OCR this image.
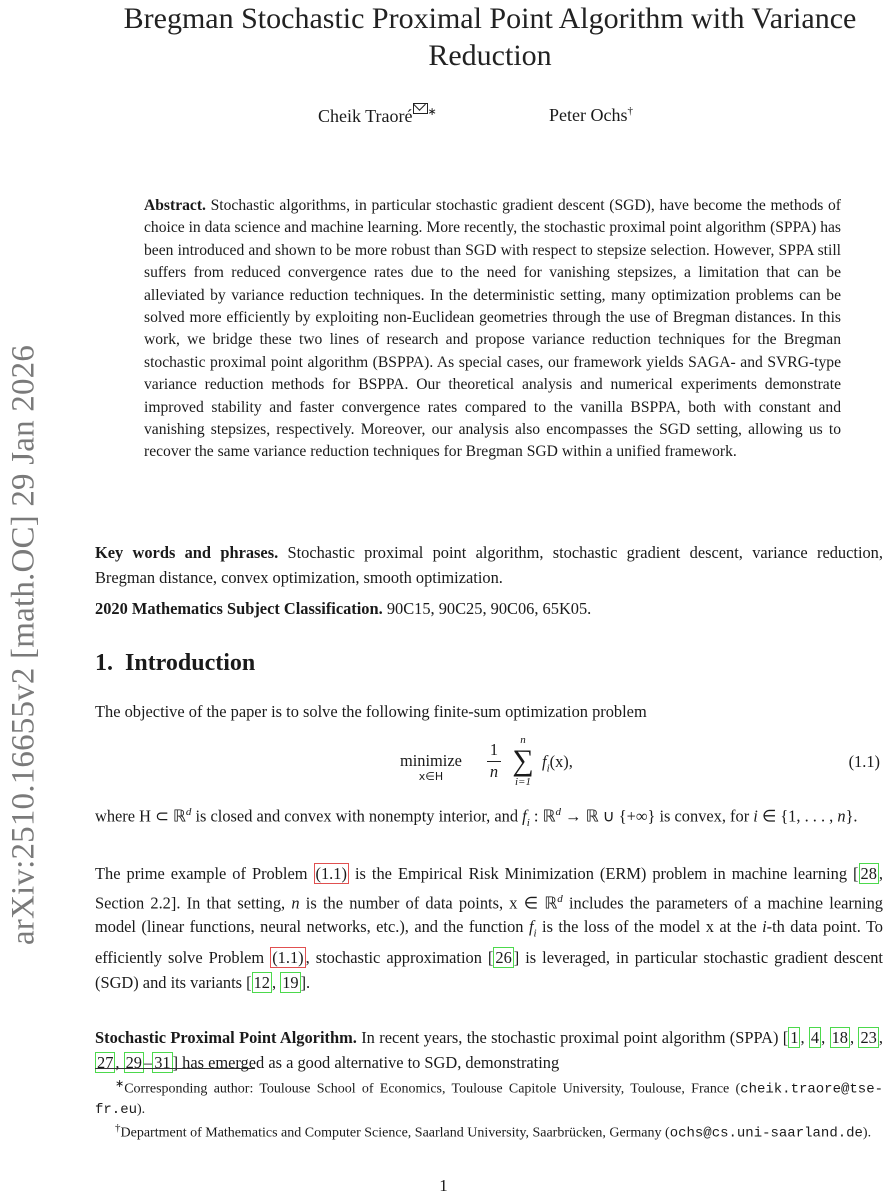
arXiv:2510.16655v2 [math.OC] 29 Jan 2026
Bregman Stochastic Proximal Point Algorithm with Variance
Reduction
Cheik Traoré ∗	Peter Ochs†
Abstract. Stochastic algorithms, in particular stochastic gradient descent (SGD), have become the methods of choice in data science and machine learning. More recently, the stochastic proximal point algorithm (SPPA) has been introduced and shown to be more robust than SGD with respect to stepsize selection. However, SPPA still suffers from reduced convergence rates due to the need for vanishing stepsizes, a limitation that can be alleviated by variance reduction techniques. In the deterministic setting, many optimization problems can be solved more efficiently by exploiting non-Euclidean geometries through the use of Bregman distances. In this work, we bridge these two lines of research and propose variance reduction techniques for the Bregman stochastic proximal point algorithm (BSPPA). As special cases, our framework yields SAGA- and SVRG-type variance reduction methods for BSPPA. Our theoretical analysis and numerical experiments demonstrate improved stability and faster convergence rates compared to the vanilla BSPPA, both with constant and vanishing stepsizes, respectively. Moreover, our analysis also encompasses the SGD setting, allowing us to recover the same variance reduction techniques for Bregman SGD within a unified framework.
Key words and phrases. Stochastic proximal point algorithm, stochastic gradient descent, variance reduction, Bregman distance, convex optimization, smooth optimization.
2020 Mathematics Subject Classification. 90C15, 90C25, 90C06, 65K05.
1. Introduction
The objective of the paper is to solve the following finite-sum optimization problem
minimize
x∈H
1
n
n
∑
i=1
$f_i(x)$,	(1.1)
where H ⊂ ℝ$^d$ is closed and convex with nonempty interior, and $f_i$ : ℝ$^d$ → ℝ ∪ {+∞} is convex, for i ∈ {1, . . . , n}.
The prime example of Problem (1.1) is the Empirical Risk Minimization (ERM) problem in machine learning [ 28 , Section 2.2]. In that setting, n is the number of data points, x ∈ ℝ$^d$ includes the parameters of a machine learning model (linear functions, neural networks, etc.), and the function $f_i$ is the loss of the model x at the i-th data point. To efficiently solve Problem (1.1) , stochastic approximation [ 26 ] is leveraged, in particular stochastic gradient descent (SGD) and its variants [ 12 , 19 ].
Stochastic Proximal Point Algorithm. In recent years, the stochastic proximal point algorithm (SPPA) [ 1 , 4 , 18 , 23 , 27 , 29 – 31 ] has emerged as a good alternative to SGD, demonstrating
∗Corresponding author: Toulouse School of Economics, Toulouse Capitole University, Toulouse, France (cheik.traore@tse-fr.eu).
†Department of Mathematics and Computer Science, Saarland University, Saarbrücken, Germany (ochs@cs.uni-saarland.de).
1
